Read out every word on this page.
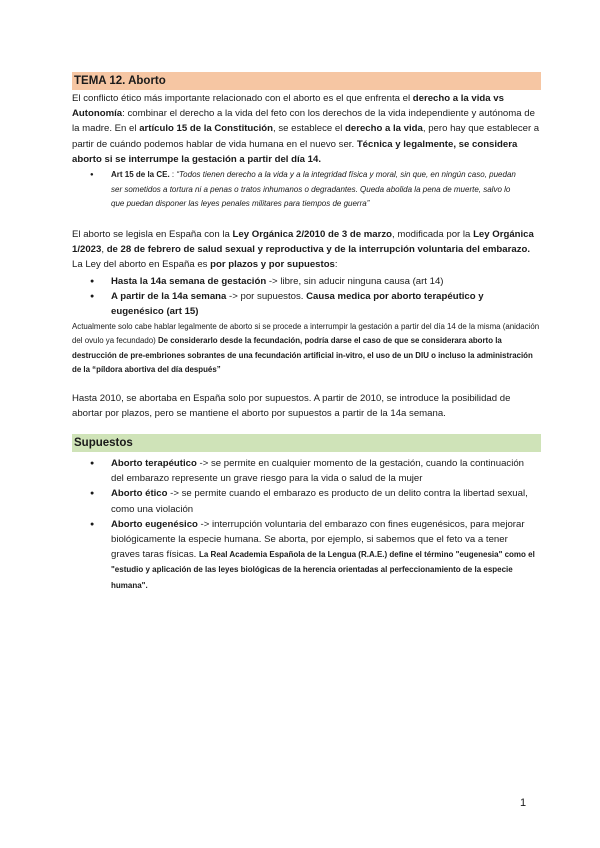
TEMA 12. Aborto

El conflicto ético más importante relacionado con el aborto es el que enfrenta el derecho a la vida vs Autonomía: combinar el derecho a la vida del feto con los derechos de la vida independiente y autónoma de la madre. En el artículo 15 de la Constitución, se establece el derecho a la vida, pero hay que establecer a partir de cuándo podemos hablar de vida humana en el nuevo ser. Técnica y legalmente, se considera aborto si se interrumpe la gestación a partir del día 14.

● Art 15 de la CE. : “Todos tienen derecho a la vida y a la integridad física y moral, sin que, en ningún caso, puedan ser sometidos a tortura ni a penas o tratos inhumanos o degradantes. Queda abolida la pena de muerte, salvo lo que puedan disponer las leyes penales militares para tiempos de guerra”

El aborto se legisla en España con la Ley Orgánica 2/2010 de 3 de marzo, modificada por la Ley Orgánica 1/2023, de 28 de febrero de salud sexual y reproductiva y de la interrupción voluntaria del embarazo. La Ley del aborto en España es por plazos y por supuestos:

● Hasta la 14a semana de gestación -> libre, sin aducir ninguna causa (art 14)
● A partir de la 14a semana -> por supuestos. Causa medica por aborto terapéutico y eugenésico (art 15)

Actualmente solo cabe hablar legalmente de aborto si se procede a interrumpir la gestación a partir del día 14 de la misma (anidación del ovulo ya fecundado) De considerarlo desde la fecundación, podría darse el caso de que se considerara aborto la destrucción de pre-embriones sobrantes de una fecundación artificial in-vitro, el uso de un DIU o incluso la administración de la “píldora abortiva del día después”

Hasta 2010, se abortaba en España solo por supuestos. A partir de 2010, se introduce la posibilidad de abortar por plazos, pero se mantiene el aborto por supuestos a partir de la 14a semana.

Supuestos
● Aborto terapéutico -> se permite en cualquier momento de la gestación, cuando la continuación del embarazo represente un grave riesgo para la vida o salud de la mujer
● Aborto ético -> se permite cuando el embarazo es producto de un delito contra la libertad sexual, como una violación
● Aborto eugenésico -> interrupción voluntaria del embarazo con fines eugenésicos, para mejorar biológicamente la especie humana. Se aborta, por ejemplo, si sabemos que el feto va a tener graves taras físicas. La Real Academia Española de la Lengua (R.A.E.) define el término "eugenesia" como el "estudio y aplicación de las leyes biológicas de la herencia orientadas al perfeccionamiento de la especie humana".
1
